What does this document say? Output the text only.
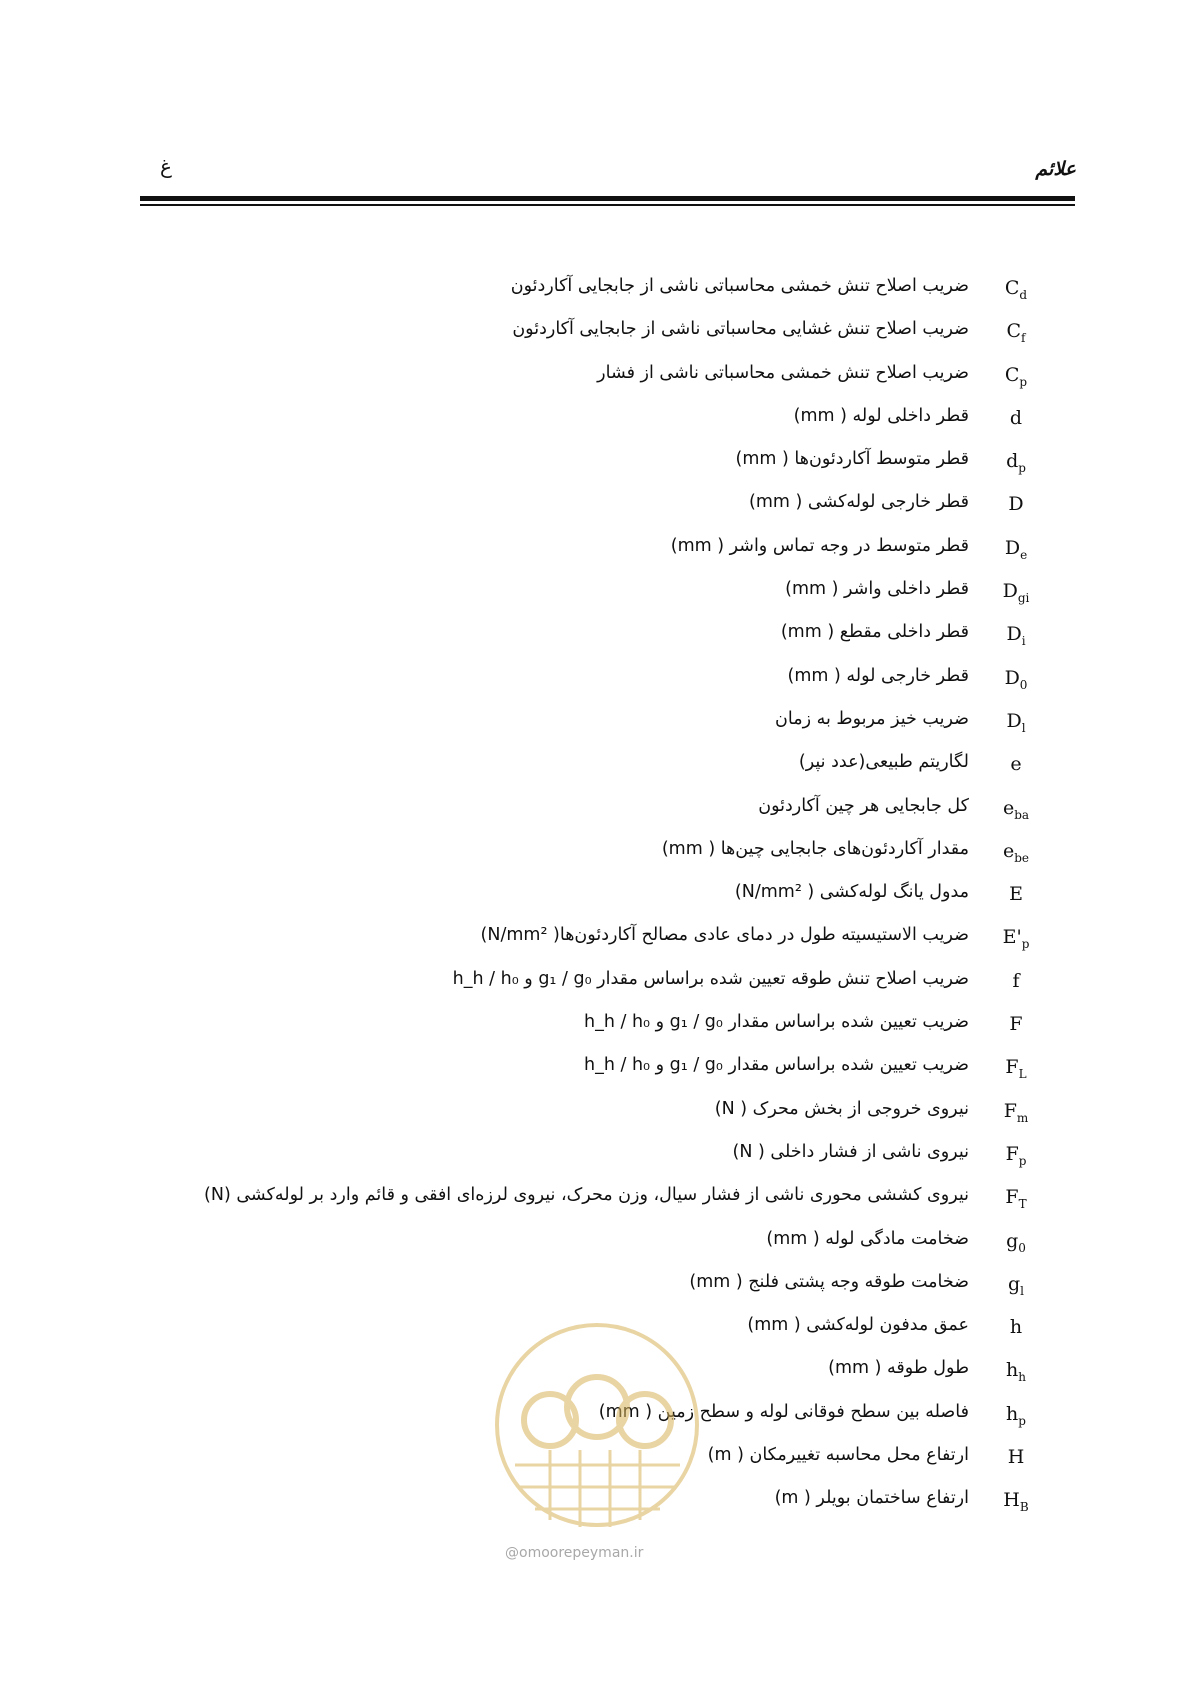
علائم
غ
$C_d$
ضریب اصلاح تنش خمشی محاسباتی ناشی از جابجایی آکاردئون
$C_f$
ضریب اصلاح تنش غشایی محاسباتی ناشی از جابجایی آکاردئون
$C_p$
ضریب اصلاح تنش خمشی محاسباتی ناشی از فشار
d
قطر داخلی لوله ( mm)
$d_p$
قطر متوسط آکاردئون‌ها ( mm)
D
قطر خارجی لوله‌کشی ( mm)
$D_e$
قطر متوسط در وجه تماس واشر ( mm)
$D_{gi}$
قطر داخلی واشر ( mm)
$D_i$
قطر داخلی مقطع ( mm)
$D_0$
قطر خارجی لوله ( mm)
$D_l$
ضریب خیز مربوط به زمان
e
لگاریتم طبیعی(عدد نپر)
$e_{ba}$
کل جابجایی هر چین آکاردئون
$e_{be}$
مقدار آکاردئون‌های جابجایی چین‌ها ( mm)
E
مدول یانگ لوله‌کشی ( N/mm²)
$E'_p$
ضریب الاستیسیته طول در دمای عادی مصالح آکاردئون‌ها( N/mm²)
f
ضریب اصلاح تنش طوقه تعیین شده براساس مقدار g₁ / g₀ و h_h / h₀
F
ضریب تعیین شده براساس مقدار g₁ / g₀ و h_h / h₀
$F_L$
ضریب تعیین شده براساس مقدار g₁ / g₀ و h_h / h₀
$F_m$
نیروی خروجی از بخش محرک ( N)
$F_p$
نیروی ناشی از فشار داخلی ( N)
$F_T$
نیروی کششی محوری ناشی از فشار سیال، وزن محرک، نیروی لرزه‌ای افقی و قائم وارد بر لوله‌کشی (N)
$g_0$
ضخامت مادگی لوله ( mm)
$g_l$
ضخامت طوقه وجه پشتی فلنج ( mm)
h
عمق مدفون لوله‌کشی ( mm)
$h_h$
طول طوقه ( mm)
$h_p$
فاصله بین سطح فوقانی لوله و سطح زمین ( mm)
H
ارتفاع محل محاسبه تغییرمکان ( m)
$H_B$
ارتفاع ساختمان بویلر ( m)
@omoorepeyman.ir
